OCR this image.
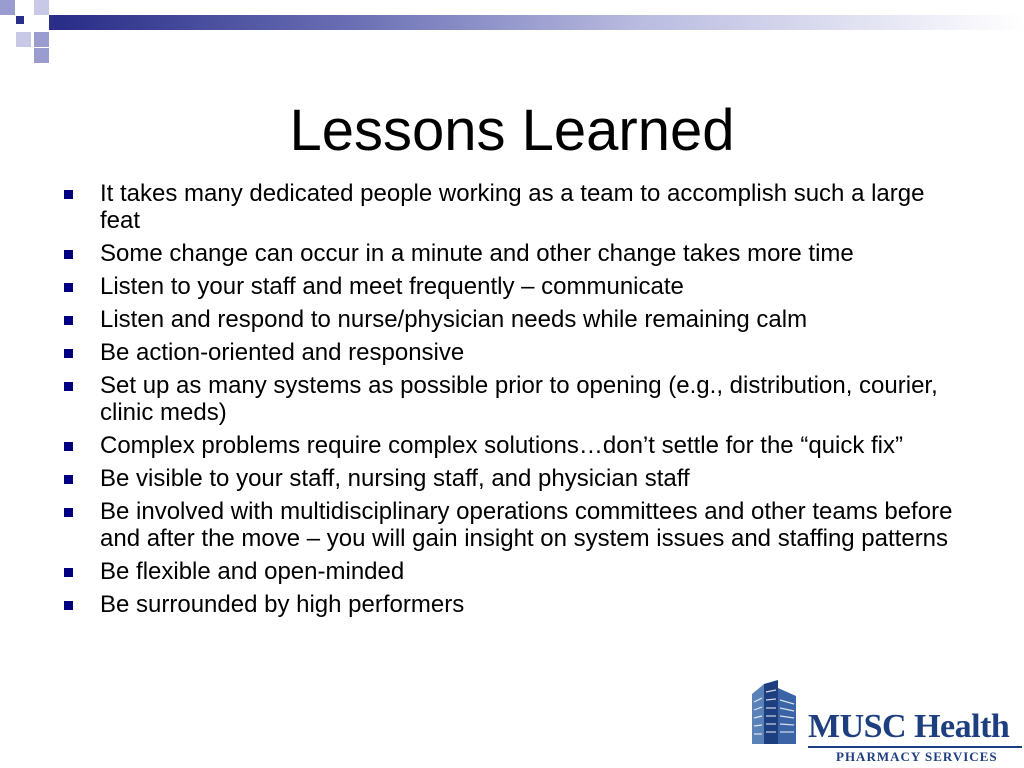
Lessons Learned
It takes many dedicated people working as a team to accomplish such a large feat
Some change can occur in a minute and other change takes more time
Listen to your staff and meet frequently – communicate
Listen and respond to nurse/physician needs while remaining calm
Be action-oriented and responsive
Set up as many systems as possible prior to opening (e.g., distribution, courier, clinic meds)
Complex problems require complex solutions…don’t settle for the “quick fix”
Be visible to your staff, nursing staff, and physician staff
Be involved with multidisciplinary operations committees and other teams before and after the move – you will gain insight on system issues and staffing patterns
Be flexible and open-minded
Be surrounded by high performers
MUSC Health
PHARMACY SERVICES
